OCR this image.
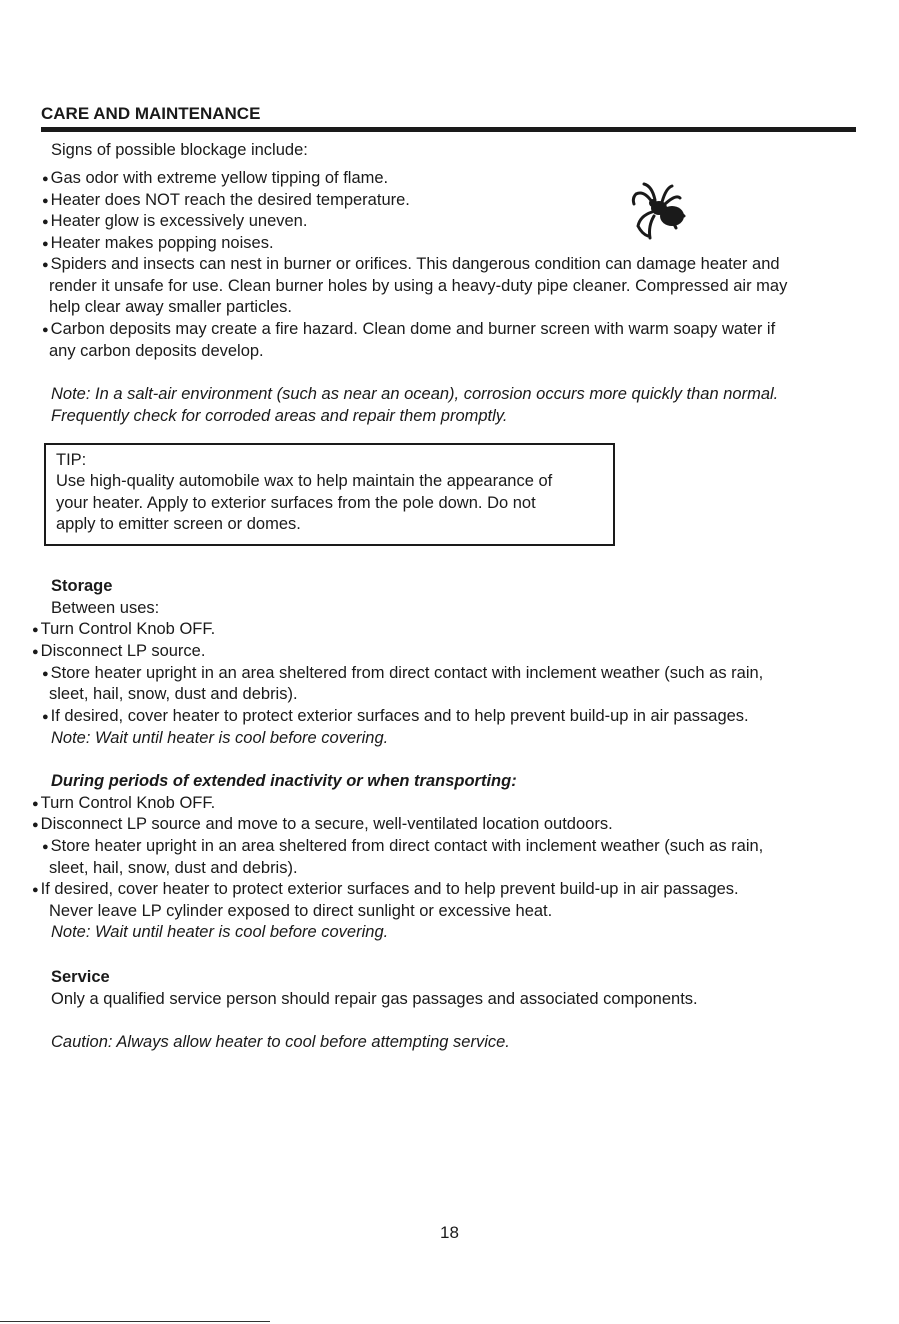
CARE AND MAINTENANCE
Signs of possible blockage include:
● Gas odor with extreme yellow tipping of flame.
● Heater does NOT reach the desired temperature.
● Heater glow is excessively uneven.
● Heater makes popping noises.
● Spiders and insects can nest in burner or orifices. This dangerous condition can damage heater and
render it unsafe for use. Clean burner holes by using a heavy-duty pipe cleaner. Compressed air may
help clear away smaller particles.
● Carbon deposits may create a fire hazard. Clean dome and burner screen with warm soapy water if
any carbon deposits develop.
Note: In a salt-air environment (such as near an ocean), corrosion occurs more quickly than normal.
Frequently check for corroded areas and repair them promptly.
TIP:
Use high-quality automobile wax to help maintain the appearance of
your heater. Apply to exterior surfaces from the pole down. Do not
apply to emitter screen or domes.
Storage
Between uses:
● Turn Control Knob OFF.
● Disconnect LP source.
● Store heater upright in an area sheltered from direct contact with inclement weather (such as rain,
sleet, hail, snow, dust and debris).
● If desired, cover heater to protect exterior surfaces and to help prevent build-up in air passages.
Note: Wait until heater is cool before covering.
During periods of extended inactivity or when transporting:
● Turn Control Knob OFF.
● Disconnect LP source and move to a secure, well-ventilated location outdoors.
● Store heater upright in an area sheltered from direct contact with inclement weather (such as rain,
sleet, hail, snow, dust and debris).
● If desired, cover heater to protect exterior surfaces and to help prevent build-up in air passages.
Never leave LP cylinder exposed to direct sunlight or excessive heat.
Note: Wait until heater is cool before covering.
Service
Only a qualified service person should repair gas passages and associated components.
Caution: Always allow heater to cool before attempting service.
18
